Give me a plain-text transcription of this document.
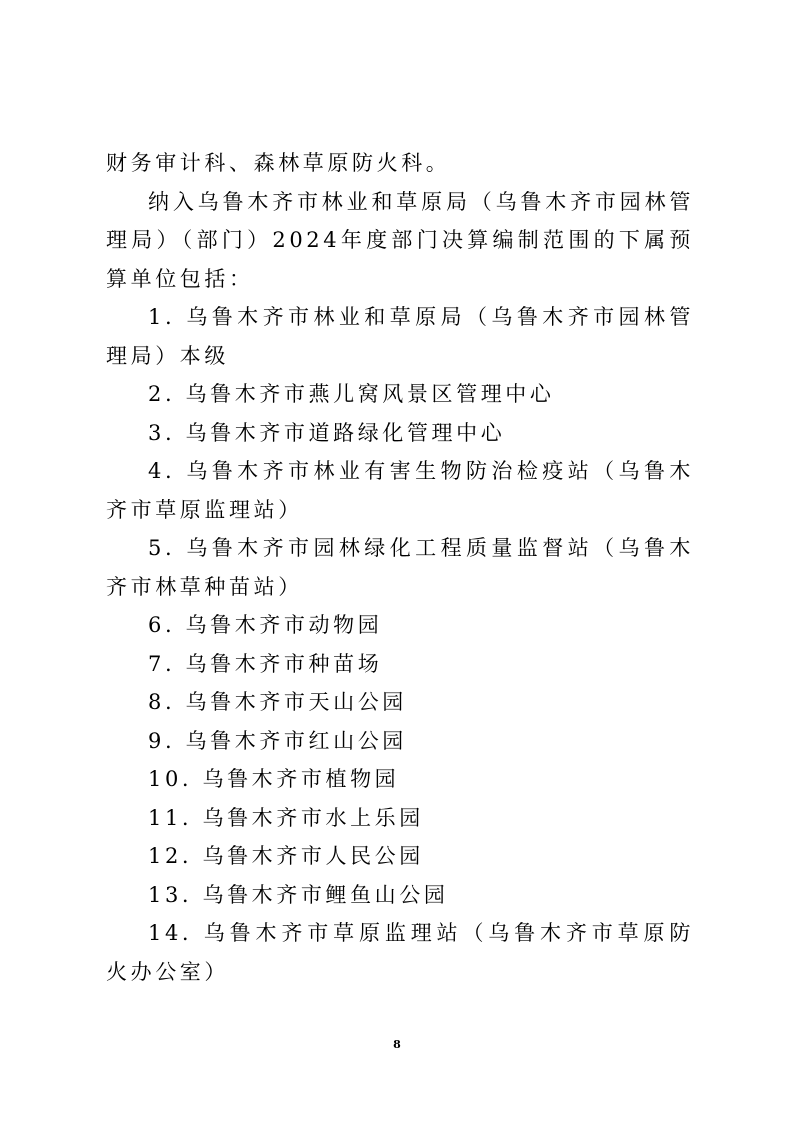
财务审计科、森林草原防火科。

纳入乌鲁木齐市林业和草原局（乌鲁木齐市园林管理局）（部门）2024年度部门决算编制范围的下属预算单位包括：

1. 乌鲁木齐市林业和草原局（乌鲁木齐市园林管理局）本级

2. 乌鲁木齐市燕儿窝风景区管理中心

3. 乌鲁木齐市道路绿化管理中心

4. 乌鲁木齐市林业有害生物防治检疫站（乌鲁木齐市草原监理站）

5. 乌鲁木齐市园林绿化工程质量监督站（乌鲁木齐市林草种苗站）

6. 乌鲁木齐市动物园

7. 乌鲁木齐市种苗场

8. 乌鲁木齐市天山公园

9. 乌鲁木齐市红山公园

10. 乌鲁木齐市植物园

11. 乌鲁木齐市水上乐园

12. 乌鲁木齐市人民公园

13. 乌鲁木齐市鲤鱼山公园

14. 乌鲁木齐市草原监理站（乌鲁木齐市草原防火办公室）

8
